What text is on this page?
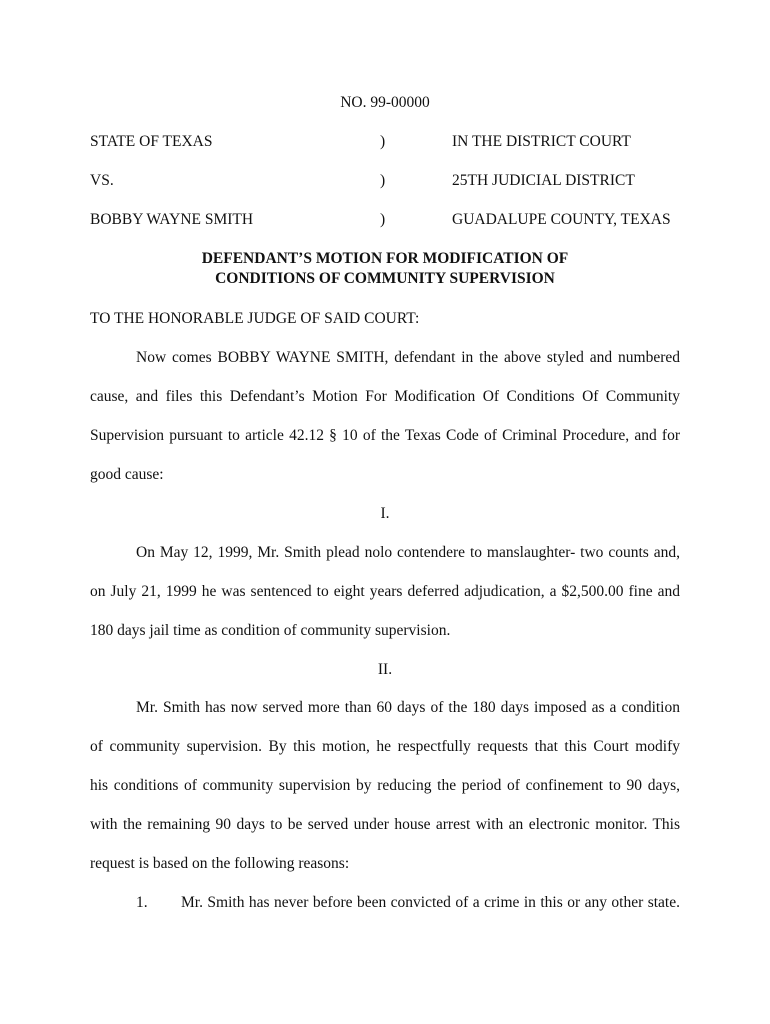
NO. 99-00000
STATE OF TEXAS	)	IN THE DISTRICT COURT
VS.	)	25TH JUDICIAL DISTRICT
BOBBY WAYNE SMITH	)	GUADALUPE COUNTY, TEXAS
DEFENDANT’S MOTION FOR MODIFICATION OF
CONDITIONS OF COMMUNITY SUPERVISION
TO THE HONORABLE JUDGE OF SAID COURT:
Now comes BOBBY WAYNE SMITH, defendant in the above styled and numbered
cause, and files this Defendant’s Motion For Modification Of Conditions Of Community
Supervision pursuant to article 42.12 § 10 of the Texas Code of Criminal Procedure, and for
good cause:
I.
On May 12, 1999, Mr. Smith plead nolo contendere to manslaughter- two counts and,
on July 21, 1999 he was sentenced to eight years deferred adjudication, a $2,500.00 fine and
180 days jail time as condition of community supervision.
II.
Mr. Smith has now served more than 60 days of the 180 days imposed as a condition
of community supervision. By this motion, he respectfully requests that this Court modify
his conditions of community supervision by reducing the period of confinement to 90 days,
with the remaining 90 days to be served under house arrest with an electronic monitor. This
request is based on the following reasons:
1. Mr. Smith has never before been convicted of a crime in this or any other state.
